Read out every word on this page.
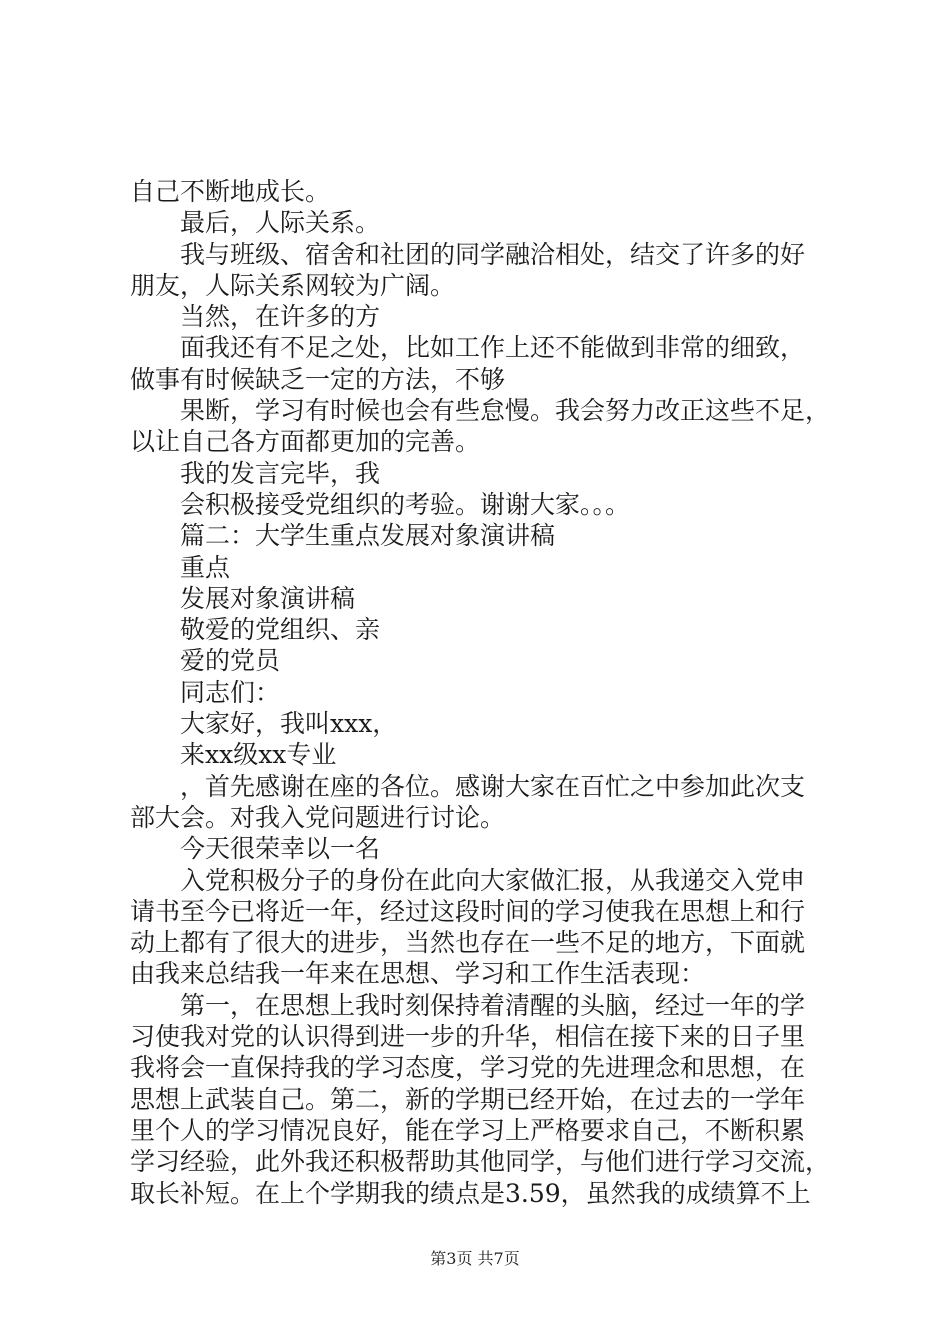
自己不断地成长。
最后，人际关系。
我与班级、宿舍和社团的同学融洽相处，结交了许多的好
朋友，人际关系网较为广阔。
当然，在许多的方
面我还有不足之处，比如工作上还不能做到非常的细致，
做事有时候缺乏一定的方法，不够
果断，学习有时候也会有些怠慢。我会努力改正这些不足，
以让自己各方面都更加的完善。
我的发言完毕，我
会积极接受党组织的考验。谢谢大家。。。
篇二：大学生重点发展对象演讲稿
重点
发展对象演讲稿
敬爱的党组织、亲
爱的党员
同志们：
大家好，我叫xxx，
来xx级xx专业
，首先感谢在座的各位。感谢大家在百忙之中参加此次支
部大会。对我入党问题进行讨论。
今天很荣幸以一名
入党积极分子的身份在此向大家做汇报，从我递交入党申
请书至今已将近一年，经过这段时间的学习使我在思想上和行
动上都有了很大的进步，当然也存在一些不足的地方，下面就
由我来总结我一年来在思想、学习和工作生活表现：
第一，在思想上我时刻保持着清醒的头脑，经过一年的学
习使我对党的认识得到进一步的升华，相信在接下来的日子里
我将会一直保持我的学习态度，学习党的先进理念和思想，在
思想上武装自己。第二，新的学期已经开始，在过去的一学年
里个人的学习情况良好，能在学习上严格要求自己，不断积累
学习经验，此外我还积极帮助其他同学，与他们进行学习交流，
取长补短。在上个学期我的绩点是3.59，虽然我的成绩算不上
第3页 共7页
